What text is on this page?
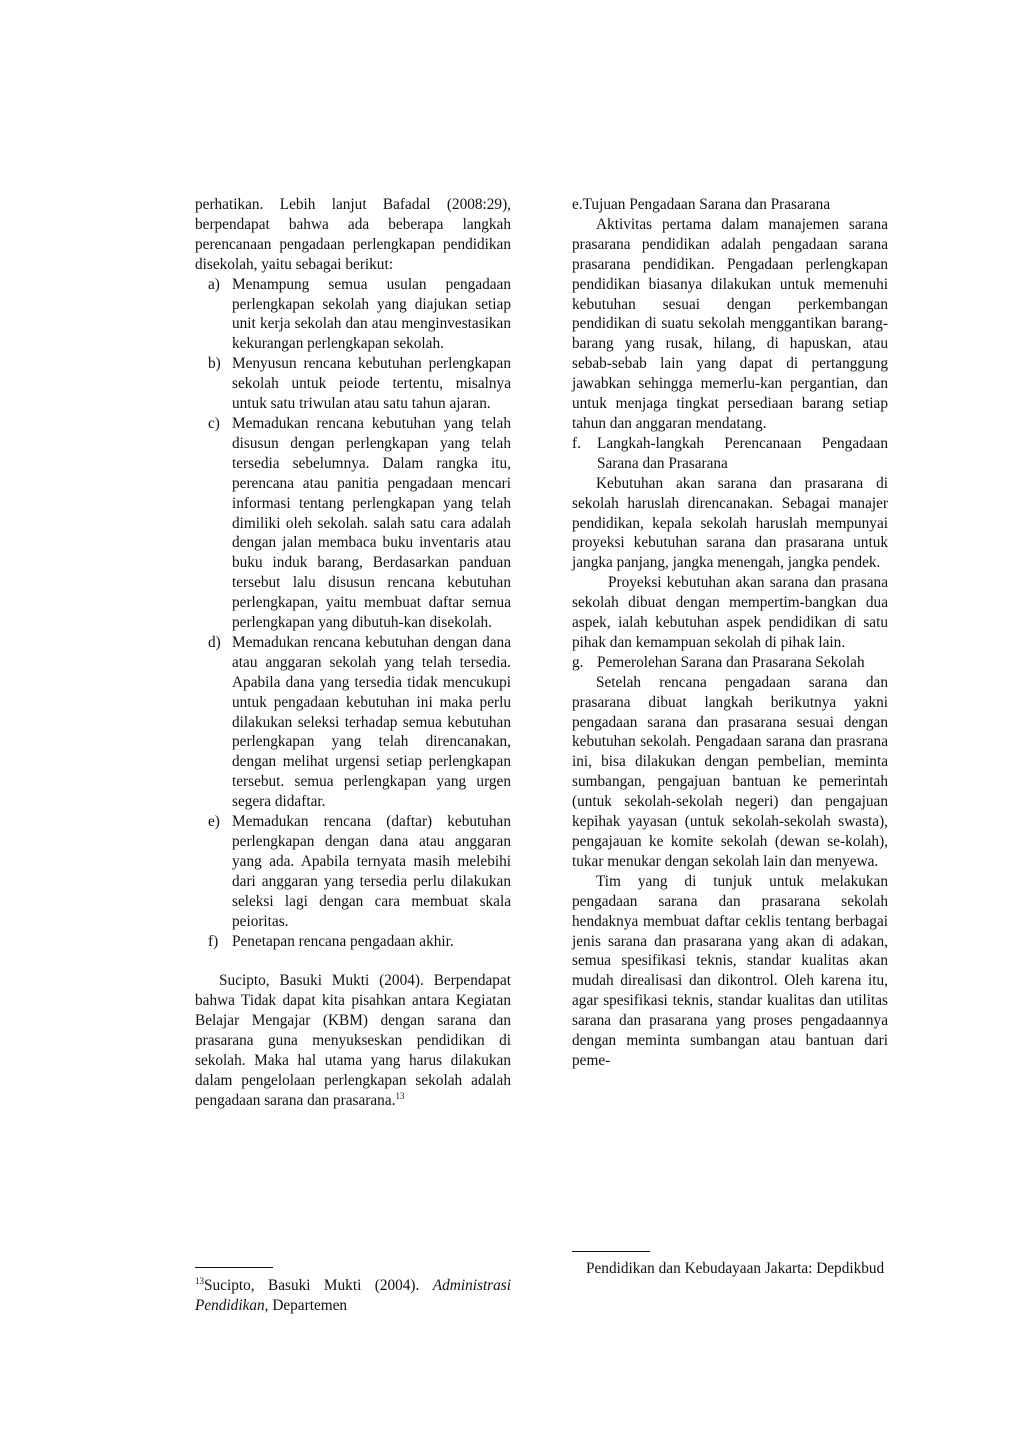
perhatikan. Lebih lanjut Bafadal (2008:29), berpendapat bahwa ada beberapa langkah perencanaan pengadaan perlengkapan pendidikan disekolah, yaitu sebagai berikut:

a) Menampung semua usulan pengadaan perlengkapan sekolah yang diajukan setiap unit kerja sekolah dan atau menginvestasikan kekurangan perlengkapan sekolah.
b) Menyusun rencana kebutuhan perlengkapan sekolah untuk peiode tertentu, misalnya untuk satu triwulan atau satu tahun ajaran.
c) Memadukan rencana kebutuhan yang telah disusun dengan perlengkapan yang telah tersedia sebelumnya. Dalam rangka itu, perencana atau panitia pengadaan mencari informasi tentang perlengkapan yang telah dimiliki oleh sekolah. salah satu cara adalah dengan jalan membaca buku inventaris atau buku induk barang, Berdasarkan panduan tersebut lalu disusun rencana kebutuhan perlengkapan, yaitu membuat daftar semua perlengkapan yang dibutuh-kan disekolah.
d) Memadukan rencana kebutuhan dengan dana atau anggaran sekolah yang telah tersedia. Apabila dana yang tersedia tidak mencukupi untuk pengadaan kebutuhan ini maka perlu dilakukan seleksi terhadap semua kebutuhan perlengkapan yang telah direncanakan, dengan melihat urgensi setiap perlengkapan tersebut. semua perlengkapan yang urgen segera didaftar.
e) Memadukan rencana (daftar) kebutuhan perlengkapan dengan dana atau anggaran yang ada. Apabila ternyata masih melebihi dari anggaran yang tersedia perlu dilakukan seleksi lagi dengan cara membuat skala peioritas.
f) Penetapan rencana pengadaan akhir.

Sucipto, Basuki Mukti (2004). Berpendapat bahwa Tidak dapat kita pisahkan antara Kegiatan Belajar Mengajar (KBM) dengan sarana dan prasarana guna menyukseskan pendidikan di sekolah. Maka hal utama yang harus dilakukan dalam pengelolaan perlengkapan sekolah adalah pengadaan sarana dan prasarana.$^{13}$

$^{13}$Sucipto, Basuki Mukti (2004). Administrasi Pendidikan, Departemen

e.Tujuan Pengadaan Sarana dan Prasarana

Aktivitas pertama dalam manajemen sarana prasarana pendidikan adalah pengadaan sarana prasarana pendidikan. Pengadaan perlengkapan pendidikan biasanya dilakukan untuk memenuhi kebutuhan sesuai dengan perkembangan pendidikan di suatu sekolah menggantikan barang-barang yang rusak, hilang, di hapuskan, atau sebab-sebab lain yang dapat di pertanggung jawabkan sehingga memerlu-kan pergantian, dan untuk menjaga tingkat persediaan barang setiap tahun dan anggaran mendatang.

f. Langkah-langkah Perencanaan Pengadaan Sarana dan Prasarana

Kebutuhan akan sarana dan prasarana di sekolah haruslah direncanakan. Sebagai manajer pendidikan, kepala sekolah haruslah mempunyai proyeksi kebutuhan sarana dan prasarana untuk jangka panjang, jangka menengah, jangka pendek.

Proyeksi kebutuhan akan sarana dan prasana sekolah dibuat dengan mempertim-bangkan dua aspek, ialah kebutuhan aspek pendidikan di satu pihak dan kemampuan sekolah di pihak lain.

g. Pemerolehan Sarana dan Prasarana Sekolah

Setelah rencana pengadaan sarana dan prasarana dibuat langkah berikutnya yakni pengadaan sarana dan prasarana sesuai dengan kebutuhan sekolah. Pengadaan sarana dan prasrana ini, bisa dilakukan dengan pembelian, meminta sumbangan, pengajuan bantuan ke pemerintah (untuk sekolah-sekolah negeri) dan pengajuan kepihak yayasan (untuk sekolah-sekolah swasta), pengajauan ke komite sekolah (dewan se-kolah), tukar menukar dengan sekolah lain dan menyewa.

Tim yang di tunjuk untuk melakukan pengadaan sarana dan prasarana sekolah hendaknya membuat daftar ceklis tentang berbagai jenis sarana dan prasarana yang akan di adakan, semua spesifikasi teknis, standar kualitas akan mudah direalisasi dan dikontrol. Oleh karena itu, agar spesifikasi teknis, standar kualitas dan utilitas sarana dan prasarana yang proses pengadaannya dengan meminta sumbangan atau bantuan dari peme-

Pendidikan dan Kebudayaan Jakarta: Depdikbud
